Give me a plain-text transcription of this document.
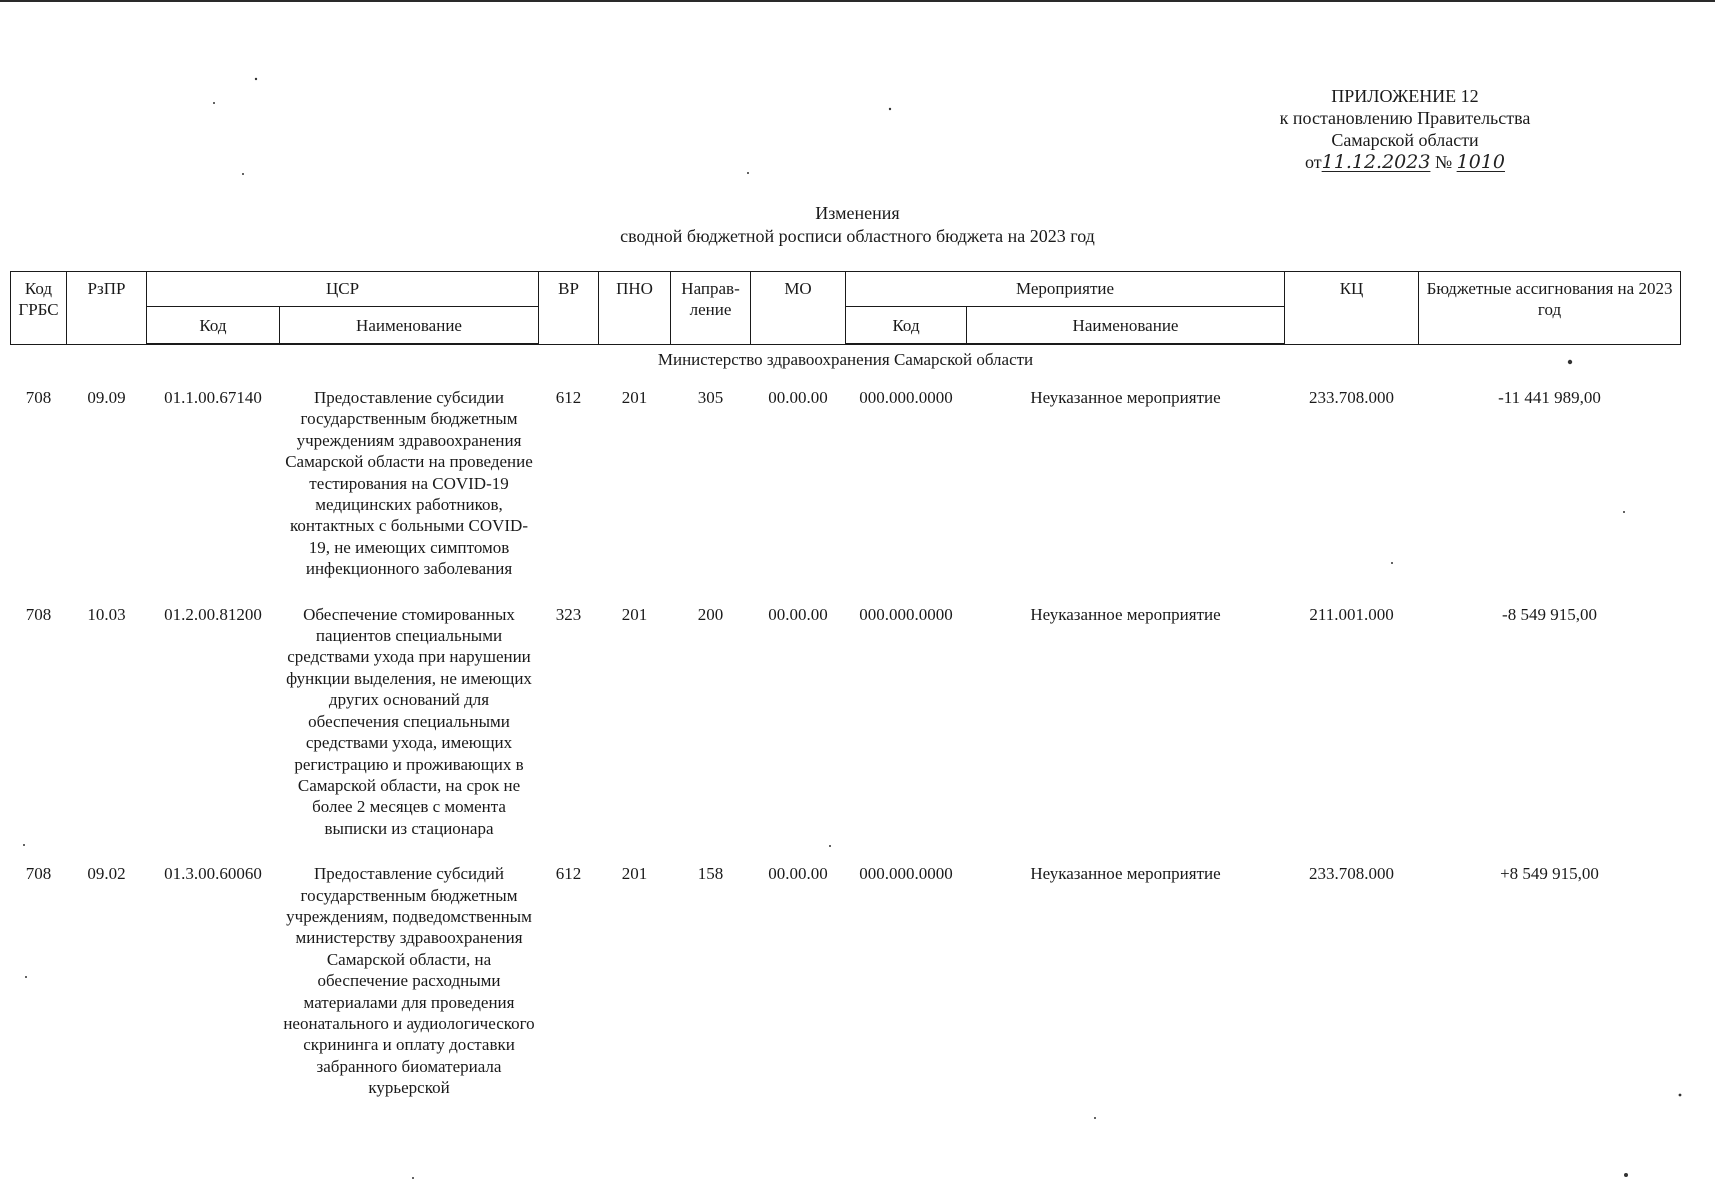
ПРИЛОЖЕНИЕ 12
к постановлению Правительства
Самарской области
от11.12.2023 № 1010
Изменения
сводной бюджетной росписи областного бюджета на 2023 год
Код ГРБС	РзПР	ЦСР		ВР	ПНО	Направ-ление	МО	Мероприятие		КЦ	Бюджетные ассигнования на 2023 год
		Код	Наименование					Код	Наименование		
Министерство здравоохранения Самарской области											
708	09.09	01.1.00.67140	Предоставление субсидии государственным бюджетным учреждениям здравоохранения Самарской области на проведение тестирования на COVID-19 медицинских работников, контактных с больными COVID-19, не имеющих симптомов инфекционного заболевания	612	201	305	00.00.00	000.000.0000	Неуказанное мероприятие	233.708.000	-11 441 989,00
708	10.03	01.2.00.81200	Обеспечение стомированных пациентов специальными средствами ухода при нарушении функции выделения, не имеющих других оснований для обеспечения специальными средствами ухода, имеющих регистрацию и проживающих в Самарской области, на срок не более 2 месяцев с момента выписки из стационара	323	201	200	00.00.00	000.000.0000	Неуказанное мероприятие	211.001.000	-8 549 915,00
708	09.02	01.3.00.60060	Предоставление субсидий государственным бюджетным учреждениям, подведомственным министерству здравоохранения Самарской области, на обеспечение расходными материалами для проведения неонатального и аудиологического скрининга и оплату доставки забранного биоматериала курьерской	612	201	158	00.00.00	000.000.0000	Неуказанное мероприятие	233.708.000	+8 549 915,00
